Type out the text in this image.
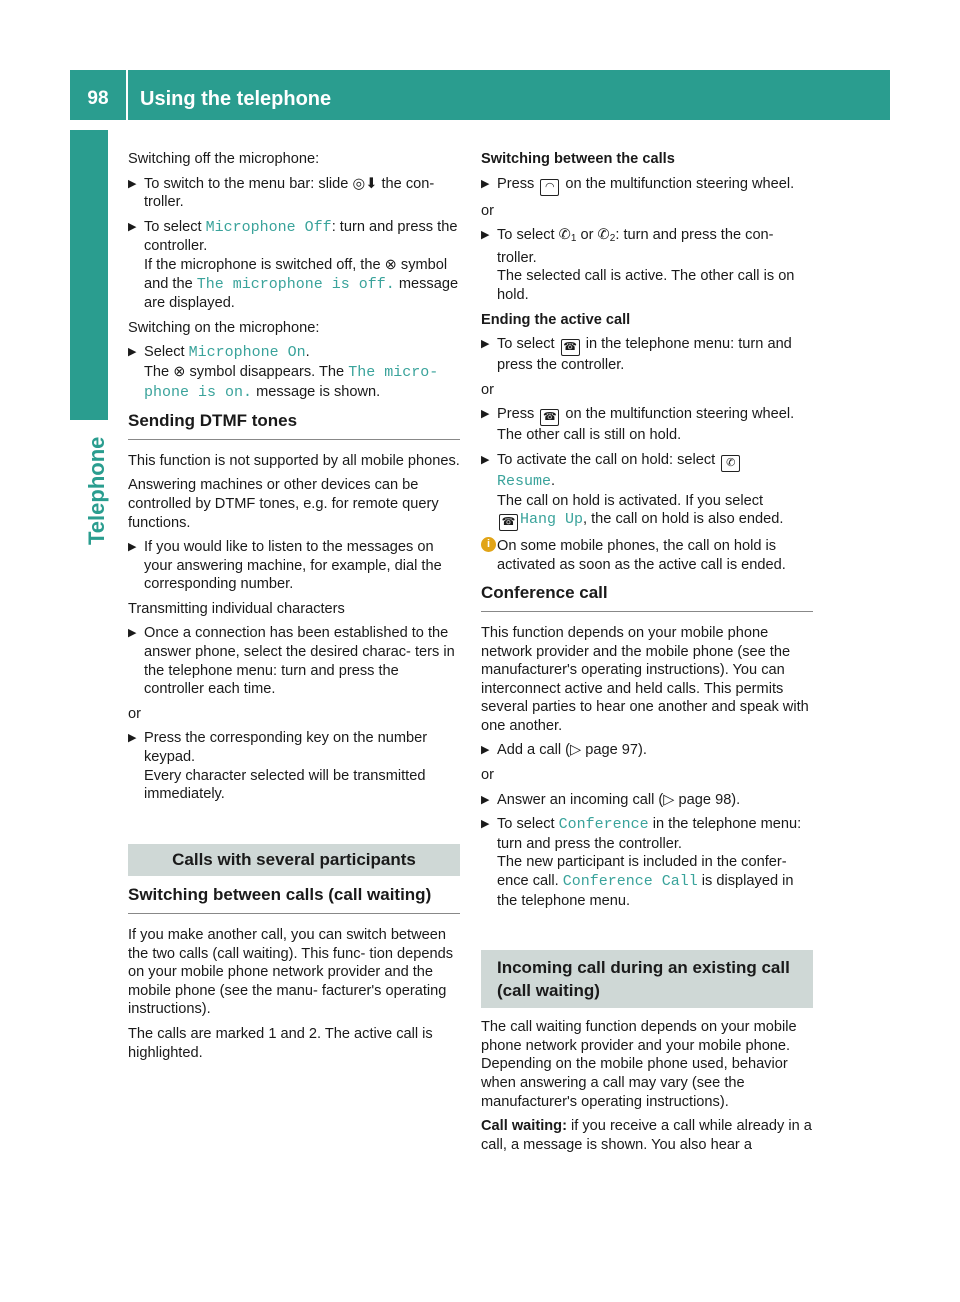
98	Using the telephone
Telephone

Switching off the microphone:

▶ To switch to the menu bar: slide ◎⬇ the con- troller.
▶ To select Microphone Off: turn and press the controller.
If the microphone is switched off, the ⊗ symbol and the The microphone is off. message are displayed.

Switching on the microphone:

▶ Select Microphone On.
The ⊗ symbol disappears. The The micro‐ phone is on. message is shown.
Sending DTMF tones

This function is not supported by all mobile phones.

Answering machines or other devices can be controlled by DTMF tones, e.g. for remote query functions.

▶ If you would like to listen to the messages on your answering machine, for example, dial the corresponding number.

Transmitting individual characters

▶ Once a connection has been established to the answer phone, select the desired charac- ters in the telephone menu: turn and press the controller each time.

or

▶ Press the corresponding key on the number keypad.
Every character selected will be transmitted immediately.
Calls with several participants
Switching between calls (call waiting)

If you make another call, you can switch between the two calls (call waiting). This func- tion depends on your mobile phone network provider and the mobile phone (see the manu- facturer's operating instructions).

The calls are marked 1 and 2. The active call is highlighted.

Switching between the calls

▶ Press ◠ on the multifunction steering wheel.

or

▶ To select $✆_1$ or $✆_2$: turn and press the con- troller.
The selected call is active. The other call is on hold.

Ending the active call

▶ To select ☎ in the telephone menu: turn and press the controller.

or

▶ Press ☎ on the multifunction steering wheel.
The other call is still on hold.
▶ To activate the call on hold: select ✆
Resume.
The call on hold is activated. If you select
☎ Hang Up, the call on hold is also ended.
i On some mobile phones, the call on hold is activated as soon as the active call is ended.
Conference call

This function depends on your mobile phone network provider and the mobile phone (see the manufacturer's operating instructions). You can interconnect active and held calls. This permits several parties to hear one another and speak with one another.

▶ Add a call (▷ page 97).

or

▶ Answer an incoming call (▷ page 98).
▶ To select Conference in the telephone menu: turn and press the controller.
The new participant is included in the confer- ence call. Conference Call is displayed in the telephone menu.
Incoming call during an existing call (call waiting)

The call waiting function depends on your mobile phone network provider and your mobile phone. Depending on the mobile phone used, behavior when answering a call may vary (see the manufacturer's operating instructions).

Call waiting: if you receive a call while already in a call, a message is shown. You also hear a
